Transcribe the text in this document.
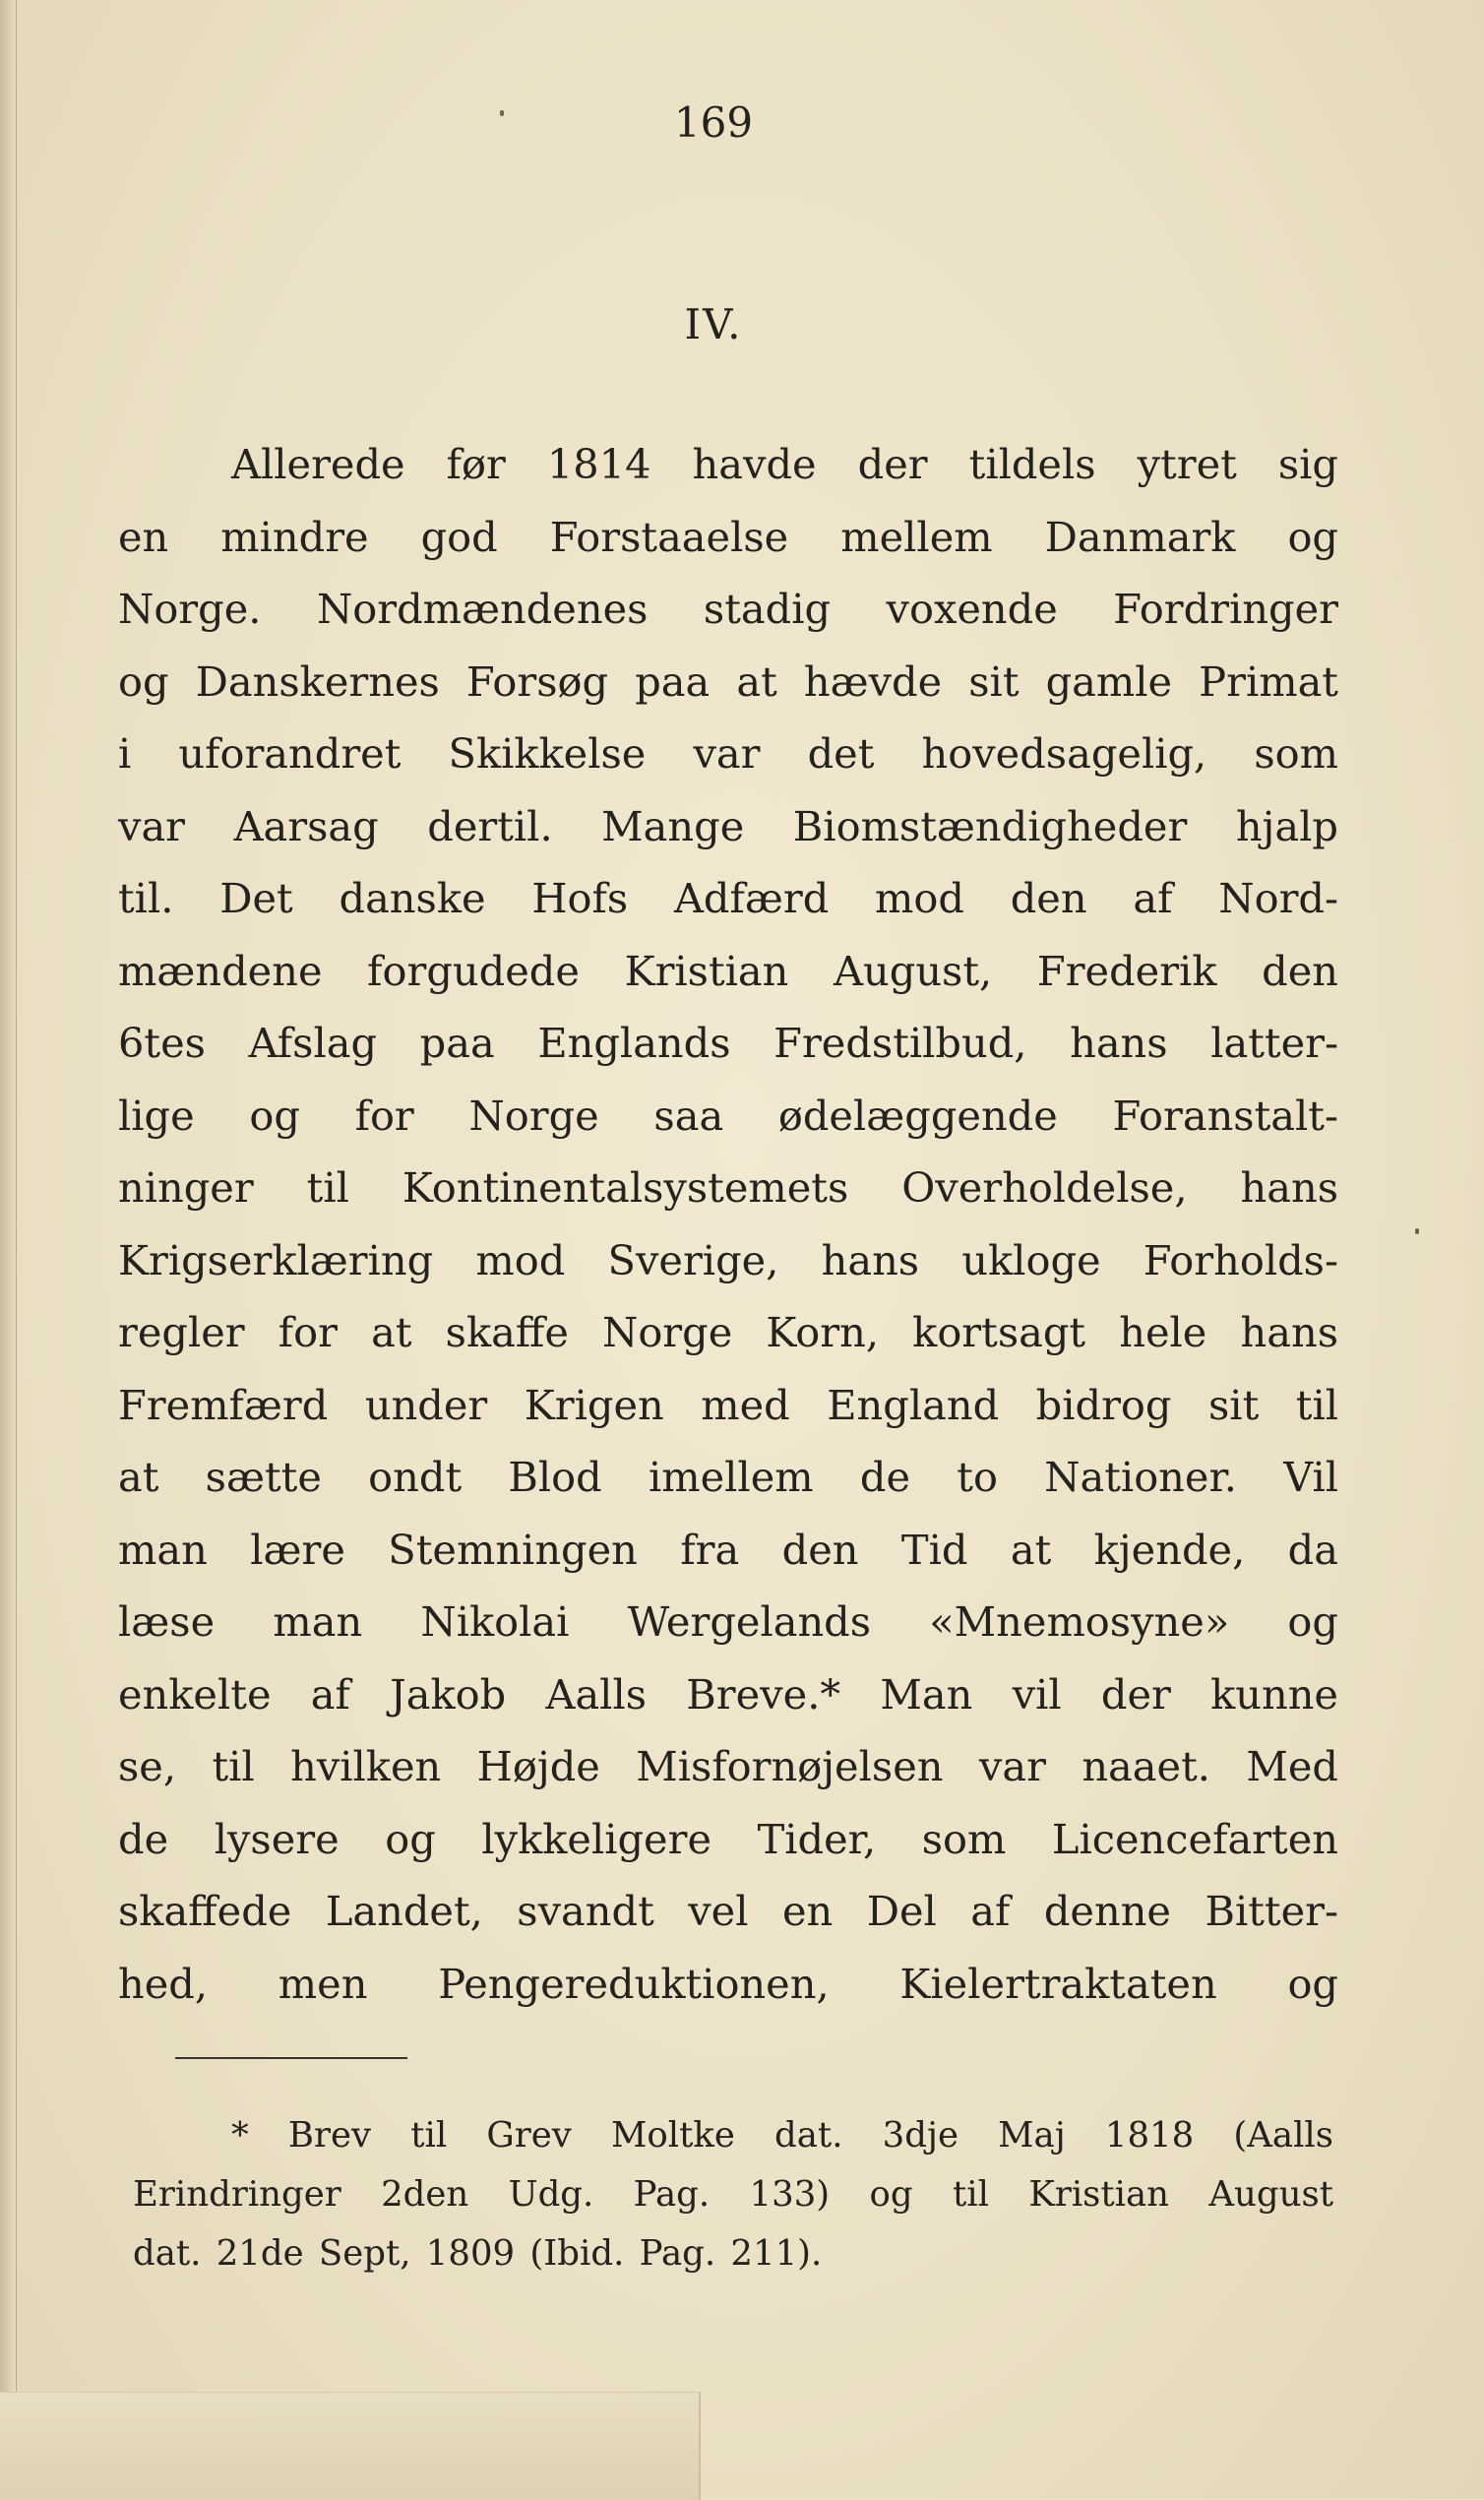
169
IV.
Allerede før 1814 havde der tildels ytret sig
en mindre god Forstaaelse mellem Danmark og
Norge. Nordmændenes stadig voxende Fordringer
og Danskernes Forsøg paa at hævde sit gamle Primat
i uforandret Skikkelse var det hovedsagelig, som
var Aarsag dertil. Mange Biomstændigheder hjalp
til. Det danske Hofs Adfærd mod den af Nord-
mændene forgudede Kristian August, Frederik den
6tes Afslag paa Englands Fredstilbud, hans latter-
lige og for Norge saa ødelæggende Foranstalt-
ninger til Kontinentalsystemets Overholdelse, hans
Krigserklæring mod Sverige, hans ukloge Forholds-
regler for at skaffe Norge Korn, kortsagt hele hans
Fremfærd under Krigen med England bidrog sit til
at sætte ondt Blod imellem de to Nationer. Vil
man lære Stemningen fra den Tid at kjende, da
læse man Nikolai Wergelands «Mnemosyne» og
enkelte af Jakob Aalls Breve.* Man vil der kunne
se, til hvilken Højde Misfornøjelsen var naaet. Med
de lysere og lykkeligere Tider, som Licencefarten
skaffede Landet, svandt vel en Del af denne Bitter-
hed, men Pengereduktionen, Kielertraktaten og
* Brev til Grev Moltke dat. 3dje Maj 1818 (Aalls
Erindringer 2den Udg. Pag. 133) og til Kristian August
dat. 21de Sept, 1809 (Ibid. Pag. 211).
